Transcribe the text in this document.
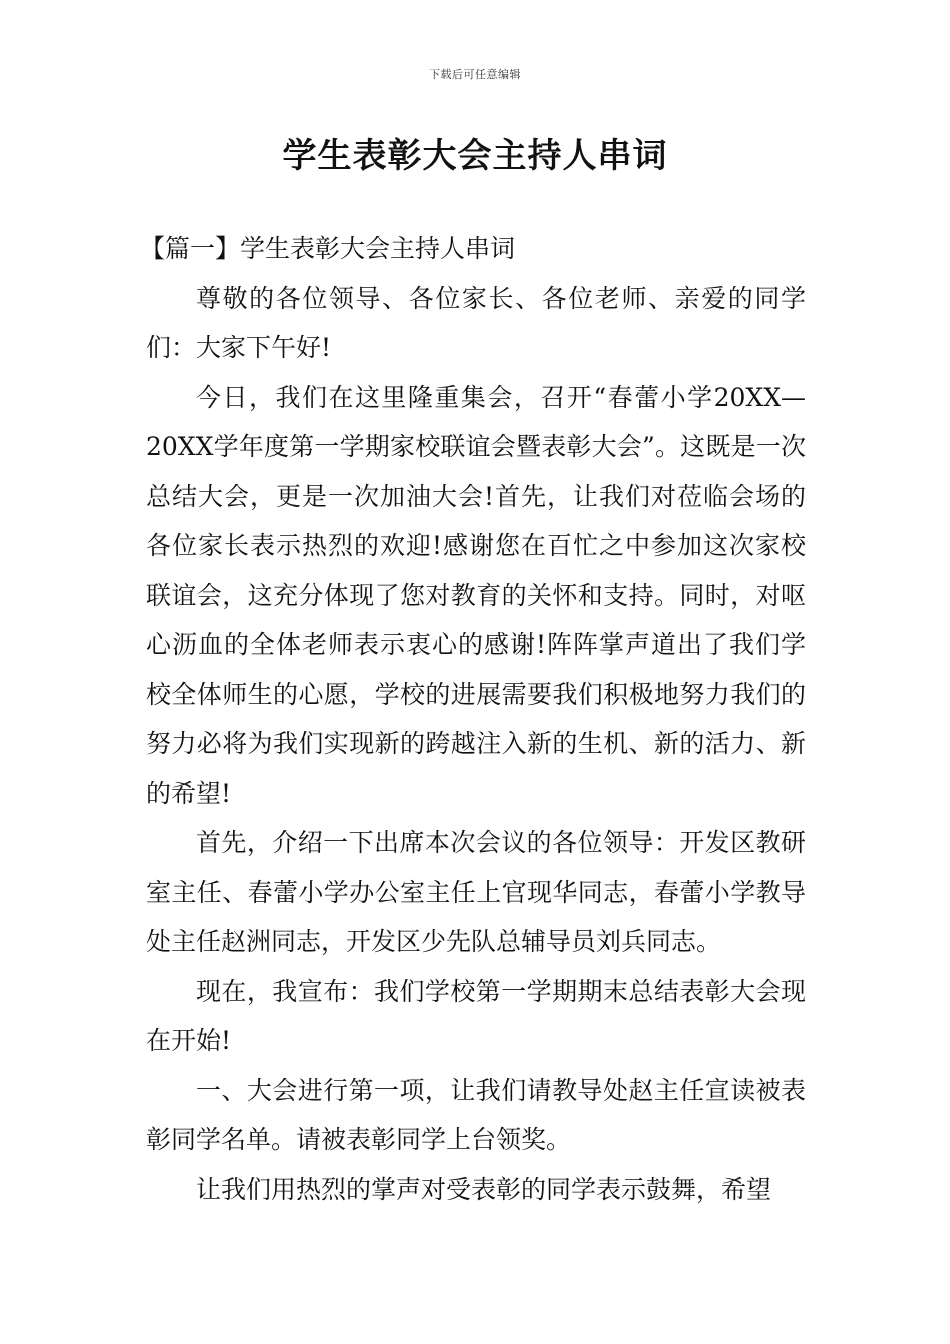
下载后可任意编辑
学生表彰大会主持人串词

【篇一】学生表彰大会主持人串词

尊敬的各位领导、各位家长、各位老师、亲爱的同学们：大家下午好!

今日，我们在这里隆重集会，召开“春蕾小学20XX—20XX学年度第一学期家校联谊会暨表彰大会”。这既是一次总结大会，更是一次加油大会!首先，让我们对莅临会场的各位家长表示热烈的欢迎!感谢您在百忙之中参加这次家校联谊会，这充分体现了您对教育的关怀和支持。同时，对呕心沥血的全体老师表示衷心的感谢!阵阵掌声道出了我们学校全体师生的心愿，学校的进展需要我们积极地努力我们的努力必将为我们实现新的跨越注入新的生机、新的活力、新的希望!

首先，介绍一下出席本次会议的各位领导：开发区教研室主任、春蕾小学办公室主任上官现华同志，春蕾小学教导处主任赵洲同志，开发区少先队总辅导员刘兵同志。

现在，我宣布：我们学校第一学期期末总结表彰大会现在开始!

一、大会进行第一项，让我们请教导处赵主任宣读被表彰同学名单。请被表彰同学上台领奖。

让我们用热烈的掌声对受表彰的同学表示鼓舞，希望
